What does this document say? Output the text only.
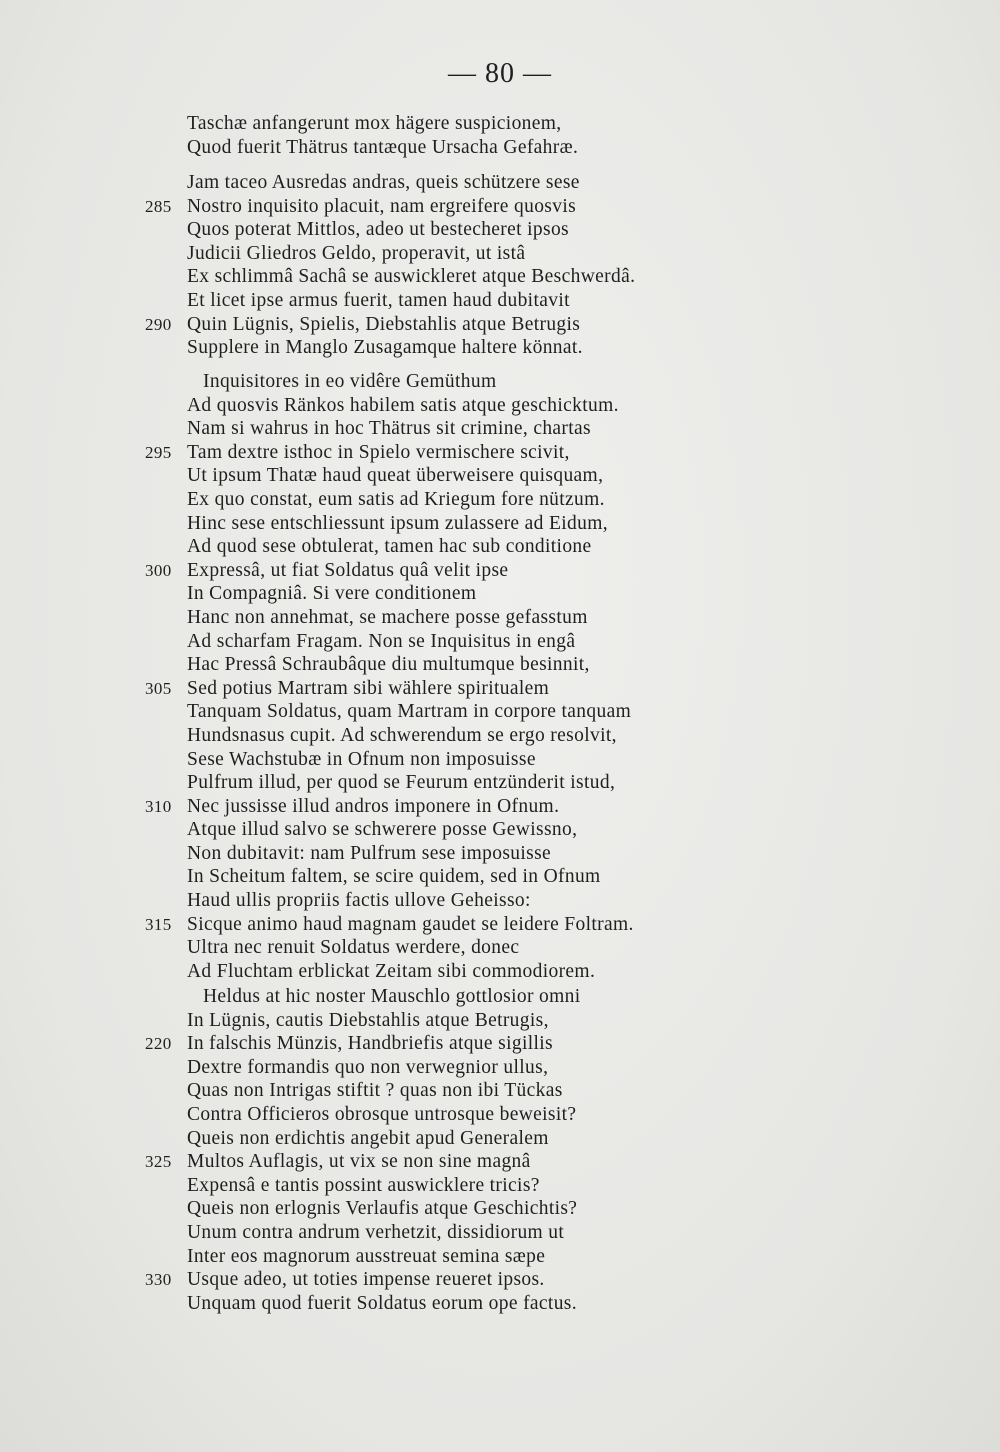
— 80 —
Taschæ anfangerunt mox hägere suspicionem,
Quod fuerit Thätrus tantæque Ursacha Gefahræ.
Jam taceo Ausredas andras, queis schützere sese
285 Nostro inquisito placuit, nam ergreifere quosvis
Quos poterat Mittlos, adeo ut bestecheret ipsos
Judicii Gliedros Geldo, properavit, ut istâ
Ex schlimmâ Sachâ se auswickleret atque Beschwerdâ.
Et licet ipse armus fuerit, tamen haud dubitavit
290 Quin Lügnis, Spielis, Diebstahlis atque Betrugis
Supplere in Manglo Zusagamque haltere könnat.
Inquisitores in eo vidêre Gemüthum
Ad quosvis Ränkos habilem satis atque geschicktum.
Nam si wahrus in hoc Thätrus sit crimine, chartas
295 Tam dextre isthoc in Spielo vermischere scivit,
Ut ipsum Thatæ haud queat überweisere quisquam,
Ex quo constat, eum satis ad Kriegum fore nützum.
Hinc sese entschliessunt ipsum zulassere ad Eidum,
Ad quod sese obtulerat, tamen hac sub conditione
300 Expressâ, ut fiat Soldatus quâ velit ipse
In Compagniâ. Si vere conditionem
Hanc non annehmat, se machere posse gefasstum
Ad scharfam Fragam. Non se Inquisitus in engâ
Hac Pressâ Schraubâque diu multumque besinnit,
305 Sed potius Martram sibi wählere spiritualem
Tanquam Soldatus, quam Martram in corpore tanquam
Hundsnasus cupit. Ad schwerendum se ergo resolvit,
Sese Wachstubæ in Ofnum non imposuisse
Pulfrum illud, per quod se Feurum entzünderit istud,
310 Nec jussisse illud andros imponere in Ofnum.
Atque illud salvo se schwerere posse Gewissno,
Non dubitavit: nam Pulfrum sese imposuisse
In Scheitum faltem, se scire quidem, sed in Ofnum
Haud ullis propriis factis ullove Geheisso:
315 Sicque animo haud magnam gaudet se leidere Foltram.
Ultra nec renuit Soldatus werdere, donec
Ad Fluchtam erblickat Zeitam sibi commodiorem.
Heldus at hic noster Mauschlo gottlosior omni
In Lügnis, cautis Diebstahlis atque Betrugis,
220 In falschis Münzis, Handbriefis atque sigillis
Dextre formandis quo non verwegnior ullus,
Quas non Intrigas stiftit ? quas non ibi Tückas
Contra Officieros obrosque untrosque beweisit?
Queis non erdichtis angebit apud Generalem
325 Multos Auflagis, ut vix se non sine magnâ
Expensâ e tantis possint auswicklere tricis?
Queis non erlognis Verlaufis atque Geschichtis?
Unum contra andrum verhetzit, dissidiorum ut
Inter eos magnorum ausstreuat semina sæpe
330 Usque adeo, ut toties impense reueret ipsos.
Unquam quod fuerit Soldatus eorum ope factus.
